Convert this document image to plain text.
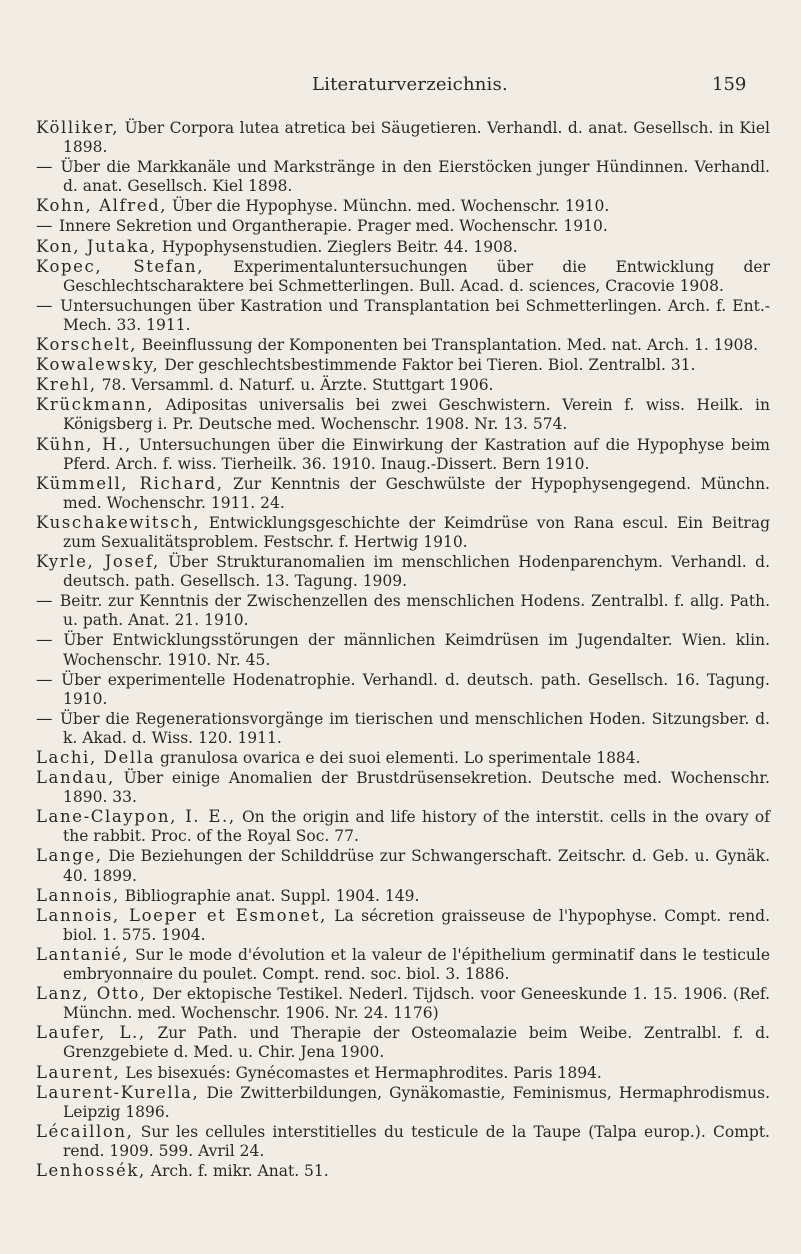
Literaturverzeichnis.	159

Kölliker, Über Corpora lutea atretica bei Säugetieren. Verhandl. d. anat. Gesellsch. in Kiel 1898.

— Über die Markkanäle und Markstränge in den Eierstöcken junger Hündinnen. Verhandl. d. anat. Gesellsch. Kiel 1898.

Kohn, Alfred, Über die Hypophyse. Münchn. med. Wochenschr. 1910.

— Innere Sekretion und Organtherapie. Prager med. Wochenschr. 1910.

Kon, Jutaka, Hypophysenstudien. Zieglers Beitr. 44. 1908.

Kopec, Stefan, Experimentaluntersuchungen über die Entwicklung der Geschlechtscharaktere bei Schmetterlingen. Bull. Acad. d. sciences, Cracovie 1908.

— Untersuchungen über Kastration und Transplantation bei Schmetterlingen. Arch. f. Ent.-Mech. 33. 1911.

Korschelt, Beeinflussung der Komponenten bei Transplantation. Med. nat. Arch. 1. 1908.

Kowalewsky, Der geschlechtsbestimmende Faktor bei Tieren. Biol. Zentralbl. 31.

Krehl, 78. Versamml. d. Naturf. u. Ärzte. Stuttgart 1906.

Krückmann, Adipositas universalis bei zwei Geschwistern. Verein f. wiss. Heilk. in Königsberg i. Pr. Deutsche med. Wochenschr. 1908. Nr. 13. 574.

Kühn, H., Untersuchungen über die Einwirkung der Kastration auf die Hypophyse beim Pferd. Arch. f. wiss. Tierheilk. 36. 1910. Inaug.-Dissert. Bern 1910.

Kümmell, Richard, Zur Kenntnis der Geschwülste der Hypophysengegend. Münchn. med. Wochenschr. 1911. 24.

Kuschakewitsch, Entwicklungsgeschichte der Keimdrüse von Rana escul. Ein Beitrag zum Sexualitätsproblem. Festschr. f. Hertwig 1910.

Kyrle, Josef, Über Strukturanomalien im menschlichen Hodenparenchym. Verhandl. d. deutsch. path. Gesellsch. 13. Tagung. 1909.

— Beitr. zur Kenntnis der Zwischenzellen des menschlichen Hodens. Zentralbl. f. allg. Path. u. path. Anat. 21. 1910.

— Über Entwicklungsstörungen der männlichen Keimdrüsen im Jugendalter. Wien. klin. Wochenschr. 1910. Nr. 45.

— Über experimentelle Hodenatrophie. Verhandl. d. deutsch. path. Gesellsch. 16. Tagung. 1910.

— Über die Regenerationsvorgänge im tierischen und menschlichen Hoden. Sitzungsber. d. k. Akad. d. Wiss. 120. 1911.

Lachi, Della granulosa ovarica e dei suoi elementi. Lo sperimentale 1884.

Landau, Über einige Anomalien der Brustdrüsensekretion. Deutsche med. Wochenschr. 1890. 33.

Lane-Claypon, I. E., On the origin and life history of the interstit. cells in the ovary of the rabbit. Proc. of the Royal Soc. 77.

Lange, Die Beziehungen der Schilddrüse zur Schwangerschaft. Zeitschr. d. Geb. u. Gynäk. 40. 1899.

Lannois, Bibliographie anat. Suppl. 1904. 149.

Lannois, Loeper et Esmonet, La sécretion graisseuse de l'hypophyse. Compt. rend. biol. 1. 575. 1904.

Lantanié, Sur le mode d'évolution et la valeur de l'épithelium germinatif dans le testicule embryonnaire du poulet. Compt. rend. soc. biol. 3. 1886.

Lanz, Otto, Der ektopische Testikel. Nederl. Tijdsch. voor Geneeskunde 1. 15. 1906. (Ref. Münchn. med. Wochenschr. 1906. Nr. 24. 1176)

Laufer, L., Zur Path. und Therapie der Osteomalazie beim Weibe. Zentralbl. f. d. Grenzgebiete d. Med. u. Chir. Jena 1900.

Laurent, Les bisexués: Gynécomastes et Hermaphrodites. Paris 1894.

Laurent-Kurella, Die Zwitterbildungen, Gynäkomastie, Feminismus, Hermaphrodismus. Leipzig 1896.

Lécaillon, Sur les cellules interstitielles du testicule de la Taupe (Talpa europ.). Compt. rend. 1909. 599. Avril 24.

Lenhossék, Arch. f. mikr. Anat. 51.
